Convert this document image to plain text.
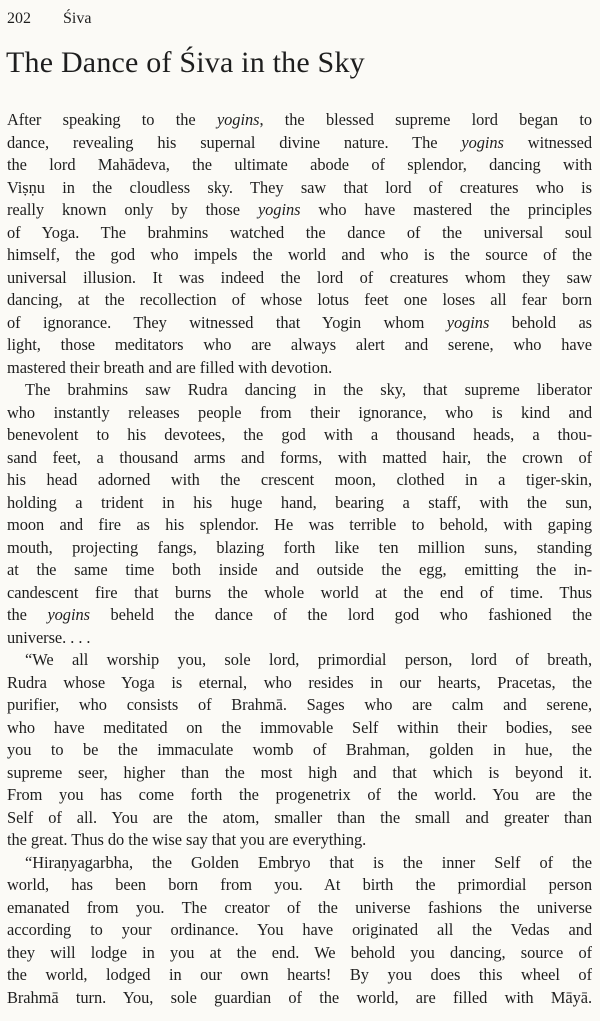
202	Śiva
The Dance of Śiva in the Sky
After speaking to the yogins, the blessed supreme lord began to
dance, revealing his supernal divine nature. The yogins witnessed
the lord Mahādeva, the ultimate abode of splendor, dancing with
Viṣṇu in the cloudless sky. They saw that lord of creatures who is
really known only by those yogins who have mastered the principles
of Yoga. The brahmins watched the dance of the universal soul
himself, the god who impels the world and who is the source of the
universal illusion. It was indeed the lord of creatures whom they saw
dancing, at the recollection of whose lotus feet one loses all fear born
of ignorance. They witnessed that Yogin whom yogins behold as
light, those meditators who are always alert and serene, who have
mastered their breath and are filled with devotion.
The brahmins saw Rudra dancing in the sky, that supreme liberator
who instantly releases people from their ignorance, who is kind and
benevolent to his devotees, the god with a thousand heads, a thou-
sand feet, a thousand arms and forms, with matted hair, the crown of
his head adorned with the crescent moon, clothed in a tiger-skin,
holding a trident in his huge hand, bearing a staff, with the sun,
moon and fire as his splendor. He was terrible to behold, with gaping
mouth, projecting fangs, blazing forth like ten million suns, standing
at the same time both inside and outside the egg, emitting the in-
candescent fire that burns the whole world at the end of time. Thus
the yogins beheld the dance of the lord god who fashioned the
universe. . . .
“We all worship you, sole lord, primordial person, lord of breath,
Rudra whose Yoga is eternal, who resides in our hearts, Pracetas, the
purifier, who consists of Brahmā. Sages who are calm and serene,
who have meditated on the immovable Self within their bodies, see
you to be the immaculate womb of Brahman, golden in hue, the
supreme seer, higher than the most high and that which is beyond it.
From you has come forth the progenetrix of the world. You are the
Self of all. You are the atom, smaller than the small and greater than
the great. Thus do the wise say that you are everything.
“Hiraṇyagarbha, the Golden Embryo that is the inner Self of the
world, has been born from you. At birth the primordial person
emanated from you. The creator of the universe fashions the universe
according to your ordinance. You have originated all the Vedas and
they will lodge in you at the end. We behold you dancing, source of
the world, lodged in our own hearts! By you does this wheel of
Brahmā turn. You, sole guardian of the world, are filled with Māyā.
